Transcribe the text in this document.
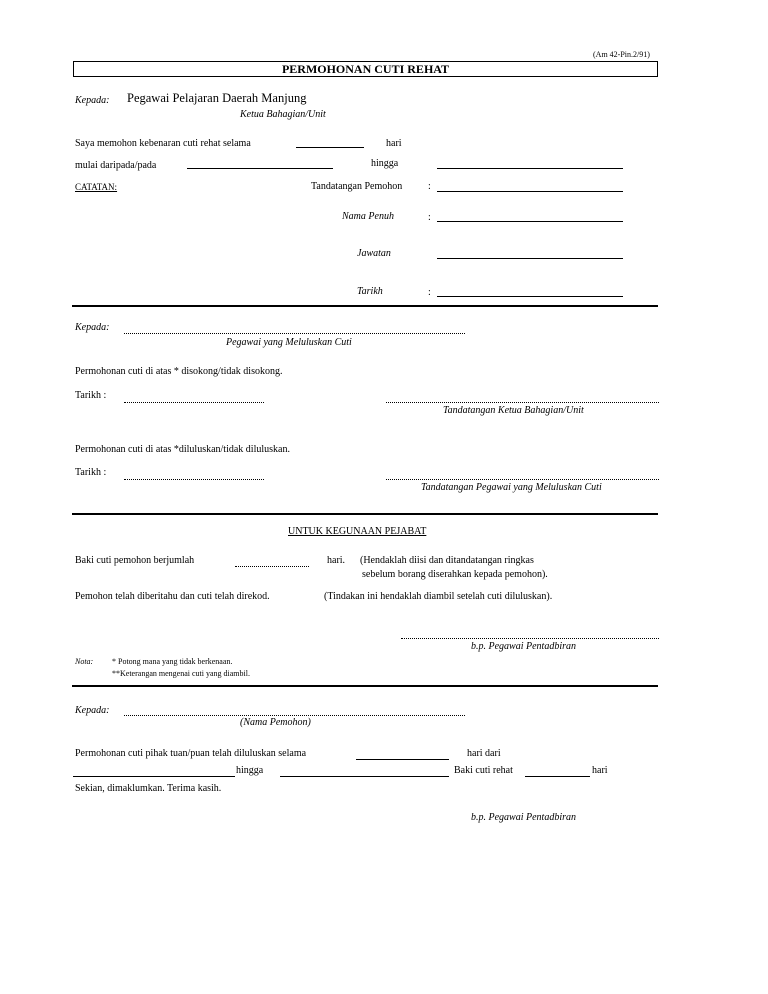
(Am 42-Pin.2/91)
PERMOHONAN CUTI REHAT
Kepada: Pegawai Pelajaran Daerah Manjung
Ketua Bahagian/Unit
Saya memohon kebenaran cuti rehat selama	hari
mulai daripada/pada	hingga
CATATAN:	Tandatangan Pemohon	:
Nama Penuh	:
Jawatan
Tarikh	:
Kepada:
Pegawai yang Meluluskan Cuti
Permohonan cuti di atas * disokong/tidak disokong.
Tarikh :
Tandatangan Ketua Bahagian/Unit
Permohonan cuti di atas *diluluskan/tidak diluluskan.
Tarikh :
Tandatangan Pegawai yang Meluluskan Cuti
UNTUK KEGUNAAN PEJABAT
Baki cuti pemohon berjumlah	hari. (Hendaklah diisi dan ditandatangan ringkas
sebelum borang diserahkan kepada pemohon).
Pemohon telah diberitahu dan cuti telah direkod.	(Tindakan ini hendaklah diambil setelah cuti diluluskan).
b.p. Pegawai Pentadbiran
Nota: * Potong mana yang tidak berkenaan.
**Keterangan mengenai cuti yang diambil.
Kepada:
(Nama Pemohon)
Permohonan cuti pihak tuan/puan telah diluluskan selama	hari dari
hingga	Baki cuti rehat	hari
Sekian, dimaklumkan. Terima kasih.
b.p. Pegawai Pentadbiran
